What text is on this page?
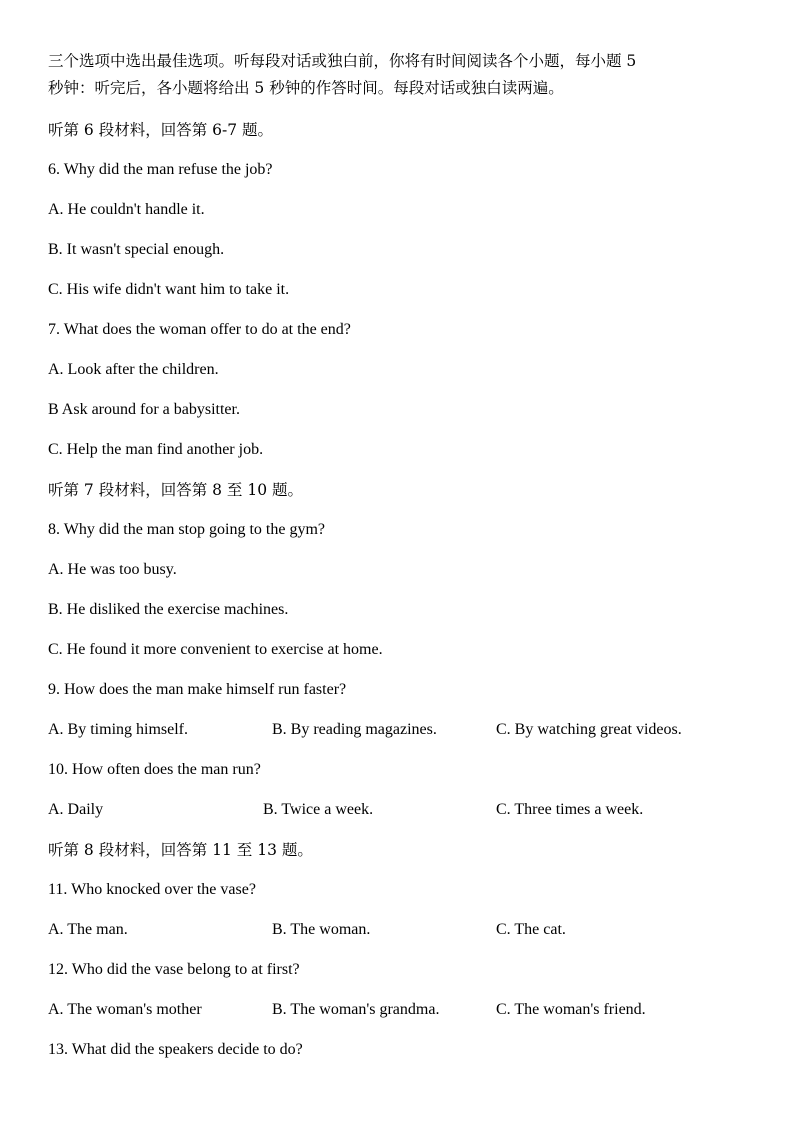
三个选项中选出最佳选项。听每段对话或独白前，你将有时间阅读各个小题，每小题 5
秒钟：听完后，各小题将给出 5 秒钟的作答时间。每段对话或独白读两遍。
听第 6 段材料，回答第 6-7 题。
6. Why did the man refuse the job?
A. He couldn't handle it.
B. It wasn't special enough.
C. His wife didn't want him to take it.
7. What does the woman offer to do at the end?
A. Look after the children.
B Ask around for a babysitter.
C. Help the man find another job.
听第 7 段材料，回答第 8 至 10 题。
8. Why did the man stop going to the gym?
A. He was too busy.
B. He disliked the exercise machines.
C. He found it more convenient to exercise at home.
9. How does the man make himself run faster?
A. By timing himself.	B. By reading magazines.	C. By watching great videos.
10. How often does the man run?
A. Daily	B. Twice a week.	C. Three times a week.
听第 8 段材料，回答第 11 至 13 题。
11. Who knocked over the vase?
A. The man.	B. The woman.	C. The cat.
12. Who did the vase belong to at first?
A. The woman's mother	B. The woman's grandma.	C. The woman's friend.
13. What did the speakers decide to do?
